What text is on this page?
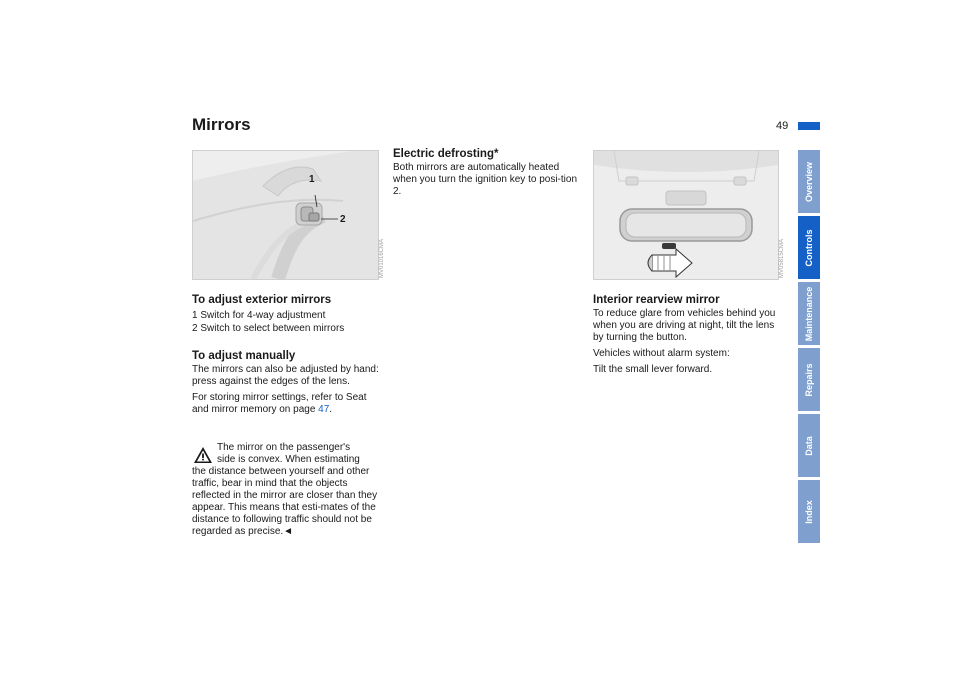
Mirrors	49
Overview
Controls
Maintenance
Repairs
Data
Index
1
2
MV01016CMA
To adjust exterior mirrors
1 Switch for 4-way adjustment
2 Switch to select between mirrors
To adjust manually

The mirrors can also be adjusted by hand: press against the edges of the lens.

For storing mirror settings, refer to Seat and mirror memory on page 47.

The mirror on the passenger's
side is convex. When estimating
the distance between yourself and other traffic, bear in mind that the objects reflected in the mirror are closer than they appear. This means that esti-mates of the distance to following traffic should not be regarded as precise.◄
Electric defrosting*

Both mirrors are automatically heated when you turn the ignition key to posi-tion 2.

MV05815CMA
Interior rearview mirror

To reduce glare from vehicles behind you when you are driving at night, tilt the lens by turning the button.

Vehicles without alarm system:

Tilt the small lever forward.
